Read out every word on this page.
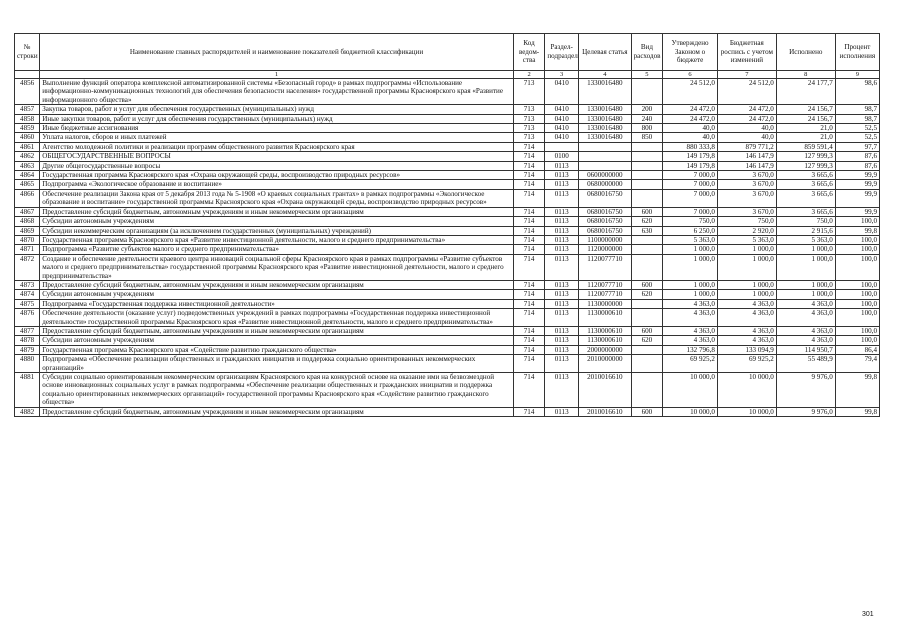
№ строки	Наименование главных распорядителей и наименование показателей бюджетной классификации	Код ведом-ства	Раздел-подраздел	Целевая статья	Вид расходов	Утверждено Законом о бюджете	Бюджетная роспись с учетом изменений	Исполнено	Процент исполнения
	1	2	3	4	5	6	7	8	9
4856	Выполнение функций оператора комплексной автоматизированной системы «Безопасный город» в рамках подпрограммы «Использование информационно-коммуникационных технологий для обеспечения безопасности населения» государственной программы Красноярского края «Развитие информационного общества»	713	0410	1330016480		24 512,0	24 512,0	24 177,7	98,6
4857	Закупка товаров, работ и услуг для обеспечения государственных (муниципальных) нужд	713	0410	1330016480	200	24 472,0	24 472,0	24 156,7	98,7
4858	Иные закупки товаров, работ и услуг для обеспечения государственных (муниципальных) нужд	713	0410	1330016480	240	24 472,0	24 472,0	24 156,7	98,7
4859	Иные бюджетные ассигнования	713	0410	1330016480	800	40,0	40,0	21,0	52,5
4860	Уплата налогов, сборов и иных платежей	713	0410	1330016480	850	40,0	40,0	21,0	52,5
4861	Агентство молодежной политики и реализации программ общественного развития Красноярского края	714				880 333,8	879 771,2	859 591,4	97,7
4862	ОБЩЕГОСУДАРСТВЕННЫЕ ВОПРОСЫ	714	0100			149 179,8	146 147,9	127 999,3	87,6
4863	Другие общегосударственные вопросы	714	0113			149 179,8	146 147,9	127 999,3	87,6
4864	Государственная программа Красноярского края «Охрана окружающей среды, воспроизводство природных ресурсов»	714	0113	0600000000		7 000,0	3 670,0	3 665,6	99,9
4865	Подпрограмма «Экологическое образование и воспитание»	714	0113	0680000000		7 000,0	3 670,0	3 665,6	99,9
4866	Обеспечение реализации Закона края от 5 декабря 2013 года № 5-1908 «О краевых социальных грантах» в рамках подпрограммы «Экологическое образование и воспитание» государственной программы Красноярского края «Охрана окружающей среды, воспроизводство природных ресурсов»	714	0113	0680016750		7 000,0	3 670,0	3 665,6	99,9
4867	Предоставление субсидий бюджетным, автономным учреждениям и иным некоммерческим организациям	714	0113	0680016750	600	7 000,0	3 670,0	3 665,6	99,9
4868	Субсидии автономным учреждениям	714	0113	0680016750	620	750,0	750,0	750,0	100,0
4869	Субсидии некоммерческим организациям (за исключением государственных (муниципальных) учреждений)	714	0113	0680016750	630	6 250,0	2 920,0	2 915,6	99,8
4870	Государственная программа Красноярского края «Развитие инвестиционной деятельности, малого и среднего предпринимательства»	714	0113	1100000000		5 363,0	5 363,0	5 363,0	100,0
4871	Подпрограмма «Развитие субъектов малого и среднего предпринимательства»	714	0113	1120000000		1 000,0	1 000,0	1 000,0	100,0
4872	Создание и обеспечение деятельности краевого центра инноваций социальной сферы Красноярского края в рамках подпрограммы «Развитие субъектов малого и среднего предпринимательства» государственной программы Красноярского края «Развитие инвестиционной деятельности, малого и среднего предпринимательства»	714	0113	1120077710		1 000,0	1 000,0	1 000,0	100,0
4873	Предоставление субсидий бюджетным, автономным учреждениям и иным некоммерческим организациям	714	0113	1120077710	600	1 000,0	1 000,0	1 000,0	100,0
4874	Субсидии автономным учреждениям	714	0113	1120077710	620	1 000,0	1 000,0	1 000,0	100,0
4875	Подпрограмма «Государственная поддержка инвестиционной деятельности»	714	0113	1130000000		4 363,0	4 363,0	4 363,0	100,0
4876	Обеспечение деятельности (оказание услуг) подведомственных учреждений в рамках подпрограммы «Государственная поддержка инвестиционной деятельности» государственной программы Красноярского края «Развитие инвестиционной деятельности, малого и среднего предпринимательства»	714	0113	1130000610		4 363,0	4 363,0	4 363,0	100,0
4877	Предоставление субсидий бюджетным, автономным учреждениям и иным некоммерческим организациям	714	0113	1130000610	600	4 363,0	4 363,0	4 363,0	100,0
4878	Субсидии автономным учреждениям	714	0113	1130000610	620	4 363,0	4 363,0	4 363,0	100,0
4879	Государственная программа Красноярского края «Содействие развитию гражданского общества»	714	0113	2000000000		132 796,8	133 094,9	114 950,7	86,4
4880	Подпрограмма «Обеспечение реализации общественных и гражданских инициатив и поддержка социально ориентированных некоммерческих организаций»	714	0113	2010000000		69 925,2	69 925,2	55 489,9	79,4
4881	Субсидии социально ориентированным некоммерческим организациям Красноярского края на конкурсной основе на оказание ими на безвозмездной основе инновационных социальных услуг в рамках подпрограммы «Обеспечение реализации общественных и гражданских инициатив и поддержка социально ориентированных некоммерческих организаций» государственной программы Красноярского края «Содействие развитию гражданского общества»	714	0113	2010016610		10 000,0	10 000,0	9 976,0	99,8
4882	Предоставление субсидий бюджетным, автономным учреждениям и иным некоммерческим организациям	714	0113	2010016610	600	10 000,0	10 000,0	9 976,0	99,8
301
